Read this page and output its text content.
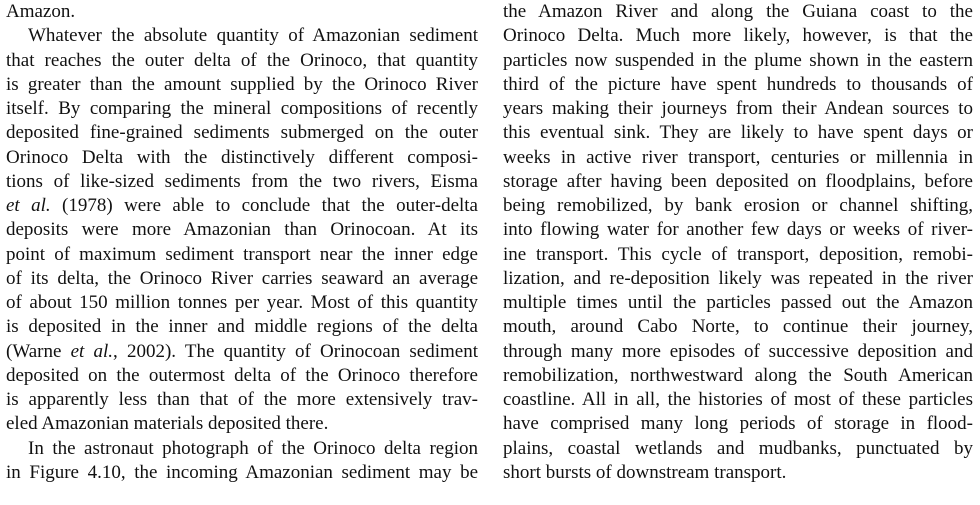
Amazon.
Whatever the absolute quantity of Amazonian sediment
that reaches the outer delta of the Orinoco, that quantity
is greater than the amount supplied by the Orinoco River
itself. By comparing the mineral compositions of recently
deposited fine-grained sediments submerged on the outer
Orinoco Delta with the distinctively different composi-
tions of like-sized sediments from the two rivers, Eisma
et al. (1978) were able to conclude that the outer-delta
deposits were more Amazonian than Orinocoan. At its
point of maximum sediment transport near the inner edge
of its delta, the Orinoco River carries seaward an average
of about 150 million tonnes per year. Most of this quantity
is deposited in the inner and middle regions of the delta
(Warne et al., 2002). The quantity of Orinocoan sediment
deposited on the outermost delta of the Orinoco therefore
is apparently less than that of the more extensively trav-
eled Amazonian materials deposited there.
In the astronaut photograph of the Orinoco delta region
in Figure 4.10, the incoming Amazonian sediment may be
the Amazon River and along the Guiana coast to the
Orinoco Delta. Much more likely, however, is that the
particles now suspended in the plume shown in the eastern
third of the picture have spent hundreds to thousands of
years making their journeys from their Andean sources to
this eventual sink. They are likely to have spent days or
weeks in active river transport, centuries or millennia in
storage after having been deposited on floodplains, before
being remobilized, by bank erosion or channel shifting,
into flowing water for another few days or weeks of river-
ine transport. This cycle of transport, deposition, remobi-
lization, and re-deposition likely was repeated in the river
multiple times until the particles passed out the Amazon
mouth, around Cabo Norte, to continue their journey,
through many more episodes of successive deposition and
remobilization, northwestward along the South American
coastline. All in all, the histories of most of these particles
have comprised many long periods of storage in flood-
plains, coastal wetlands and mudbanks, punctuated by
short bursts of downstream transport.
